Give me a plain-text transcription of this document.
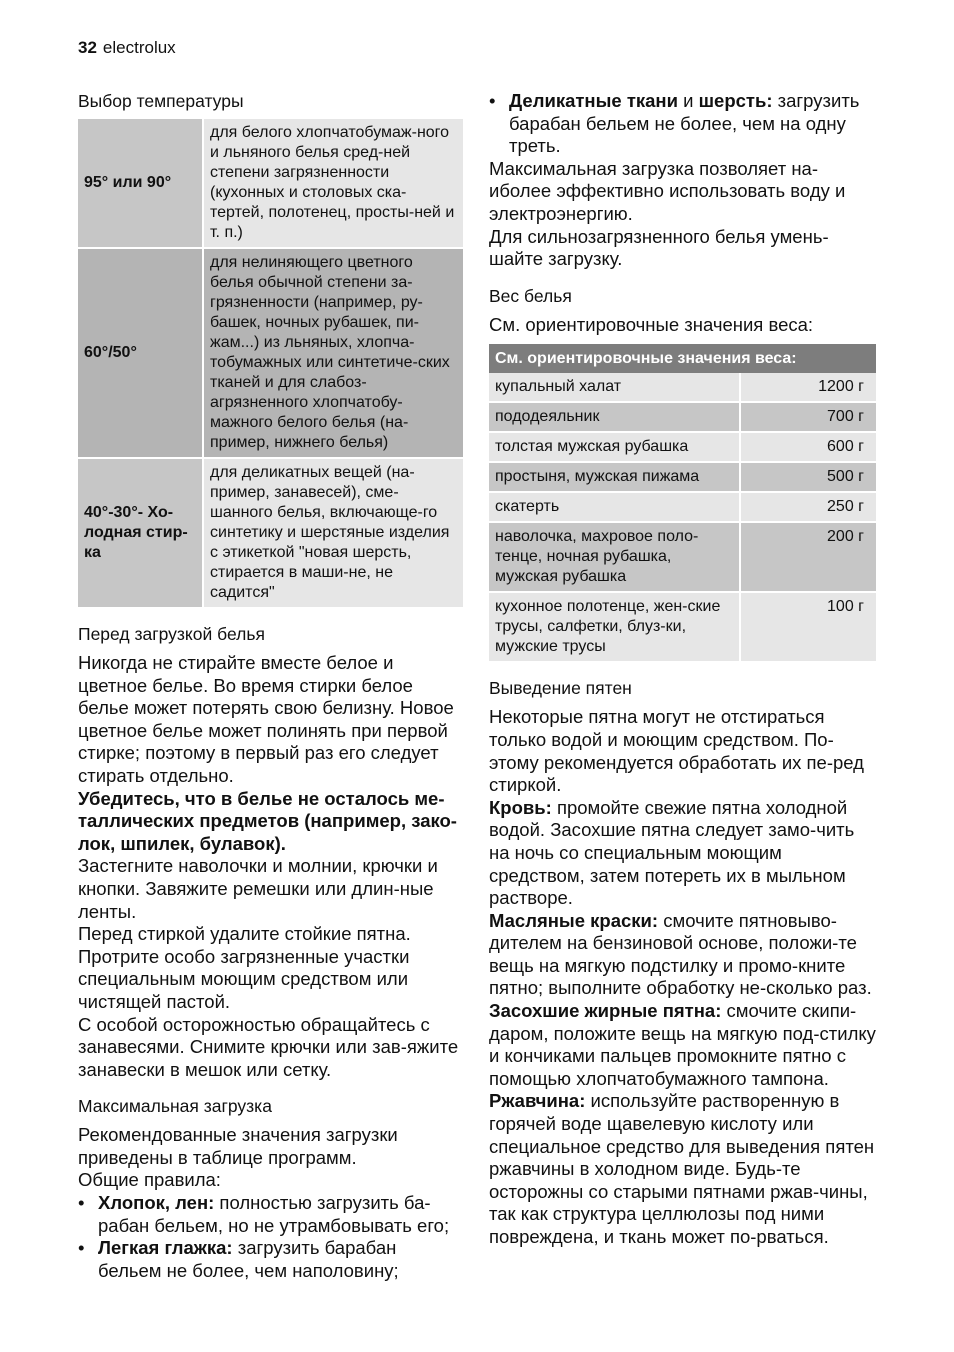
32 electrolux
Выбор температуры
95° или 90°	для белого хлопчатобумаж-ного и льняного белья сред-ней степени загрязненности (кухонных и столовых ска-тертей, полотенец, просты-ней и т. п.)
60°/50°	для нелиняющего цветного белья обычной степени за-грязненности (например, ру-башек, ночных рубашек, пи-жам...) из льняных, хлопча-тобумажных или синтетиче-ских тканей и для слабоз-агрязненного хлопчатобу-мажного белого белья (на-пример, нижнего белья)
40°-30°- Хо-лодная стир-ка	для деликатных вещей (на-пример, занавесей), сме-шанного белья, включающе-го синтетику и шерстяные изделия с этикеткой "новая шерсть, стирается в маши-не, не садится"
Перед загрузкой белья

Никогда не стирайте вместе белое и цветное белье. Во время стирки белое белье может потерять свою белизну. Новое цветное белье может полинять при первой стирке; поэтому в первый раз его следует стирать отдельно.

Убедитесь, что в белье не осталось ме-таллических предметов (например, зако-лок, шпилек, булавок).

Застегните наволочки и молнии, крючки и кнопки. Завяжите ремешки или длин-ные ленты.

Перед стиркой удалите стойкие пятна. Протрите особо загрязненные участки специальным моющим средством или чистящей пастой.

С особой осторожностью обращайтесь с занавесями. Снимите крючки или зав-яжите занавески в мешок или сетку.

Максимальная загрузка

Рекомендованные значения загрузки приведены в таблице программ.

Общие правила:

• Хлопок, лен: полностью загрузить ба-рабан бельем, но не утрамбовывать его;
• Легкая глажка: загрузить барабан бельем не более, чем наполовину;
• Деликатные ткани и шерсть: загрузить барабан бельем не более, чем на одну треть.

Максимальная загрузка позволяет на-иболее эффективно использовать воду и электроэнергию.

Для сильнозагрязненного белья умень-шайте загрузку.

Вес белья

См. ориентировочные значения веса:

См. ориентировочные значения веса:	
купальный халат	1200 г
пододеяльник	700 г
толстая мужская рубашка	600 г
простыня, мужская пижама	500 г
скатерть	250 г
наволочка, махровое поло-тенце, ночная рубашка, мужская рубашка	200 г
кухонное полотенце, жен-ские трусы, салфетки, блуз-ки, мужские трусы	100 г
Выведение пятен

Некоторые пятна могут не отстираться только водой и моющим средством. По-этому рекомендуется обработать их пе-ред стиркой.

Кровь: промойте свежие пятна холодной водой. Засохшие пятна следует замо-чить на ночь со специальным моющим средством, затем потереть их в мыльном растворе.

Масляные краски: смочите пятновыво-дителем на бензиновой основе, положи-те вещь на мягкую подстилку и промо-кните пятно; выполните обработку не-сколько раз.

Засохшие жирные пятна: смочите скипи-даром, положите вещь на мягкую под-стилку и кончиками пальцев промокните пятно с помощью хлопчатобумажного тампона.

Ржавчина: используйте растворенную в горячей воде щавелевую кислоту или специальное средство для выведения пятен ржавчины в холодном виде. Будь-те осторожны со старыми пятнами ржав-чины, так как структура целлюлозы под ними повреждена, и ткань может по-рваться.
